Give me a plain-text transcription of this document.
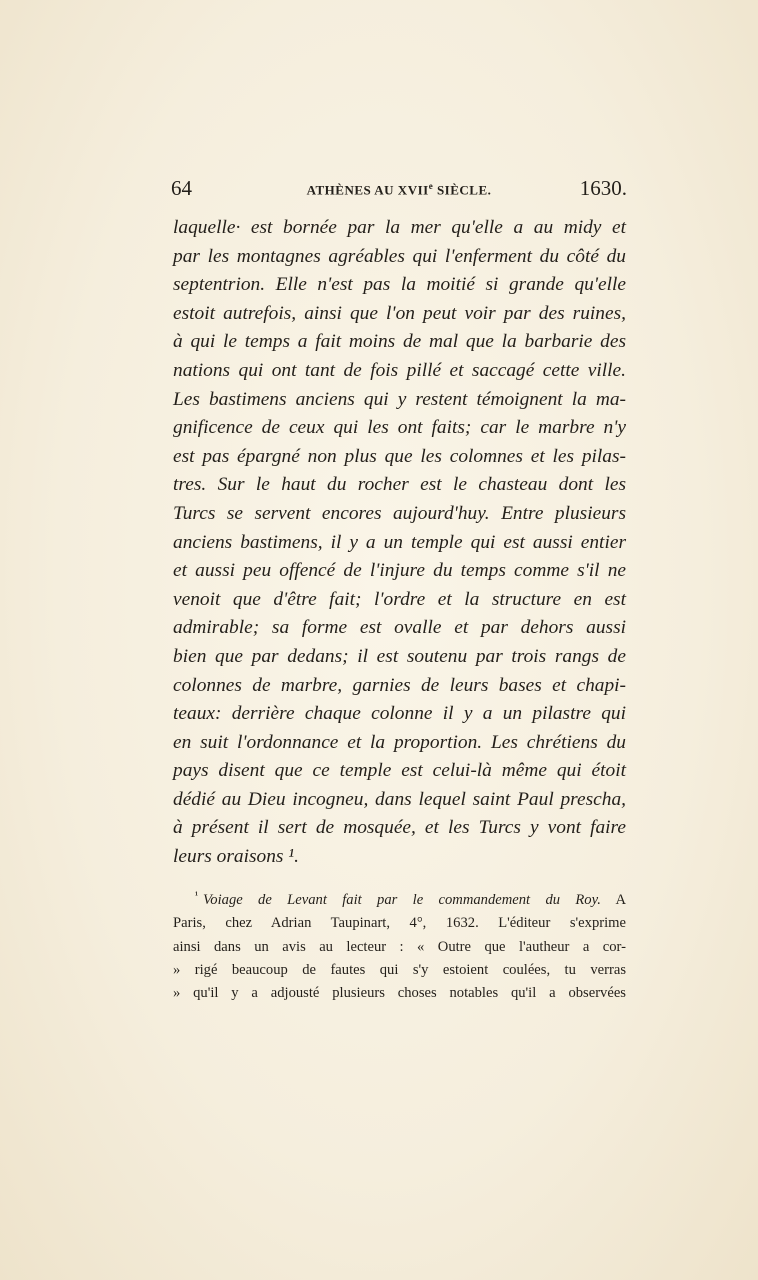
64	ATHÈNES AU XVIIe SIÈCLE.	1630.
laquelle· est bornée par la mer qu'elle a au midy et
par les montagnes agréables qui l'enferment du côté du
septentrion. Elle n'est pas la moitié si grande qu'elle
estoit autrefois, ainsi que l'on peut voir par des ruines,
à qui le temps a fait moins de mal que la barbarie des
nations qui ont tant de fois pillé et saccagé cette ville.
Les bastimens anciens qui y restent témoignent la ma-
gnificence de ceux qui les ont faits; car le marbre n'y
est pas épargné non plus que les colomnes et les pilas-
tres. Sur le haut du rocher est le chasteau dont les
Turcs se servent encores aujourd'huy. Entre plusieurs
anciens bastimens, il y a un temple qui est aussi entier
et aussi peu offencé de l'injure du temps comme s'il ne
venoit que d'être fait; l'ordre et la structure en est
admirable; sa forme est ovalle et par dehors aussi
bien que par dedans; il est soutenu par trois rangs de
colonnes de marbre, garnies de leurs bases et chapi-
teaux: derrière chaque colonne il y a un pilastre qui
en suit l'ordonnance et la proportion. Les chrétiens du
pays disent que ce temple est celui-là même qui étoit
dédié au Dieu incogneu, dans lequel saint Paul prescha,
à présent il sert de mosquée, et les Turcs y vont faire
leurs oraisons ¹.
$^{^1}$ Voiage de Levant fait par le commandement du Roy. A
Paris, chez Adrian Taupinart, 4°, 1632. L'éditeur s'exprime
ainsi dans un avis au lecteur : « Outre que l'autheur a cor-
» rigé beaucoup de fautes qui s'y estoient coulées, tu verras
» qu'il y a adjousté plusieurs choses notables qu'il a observées
